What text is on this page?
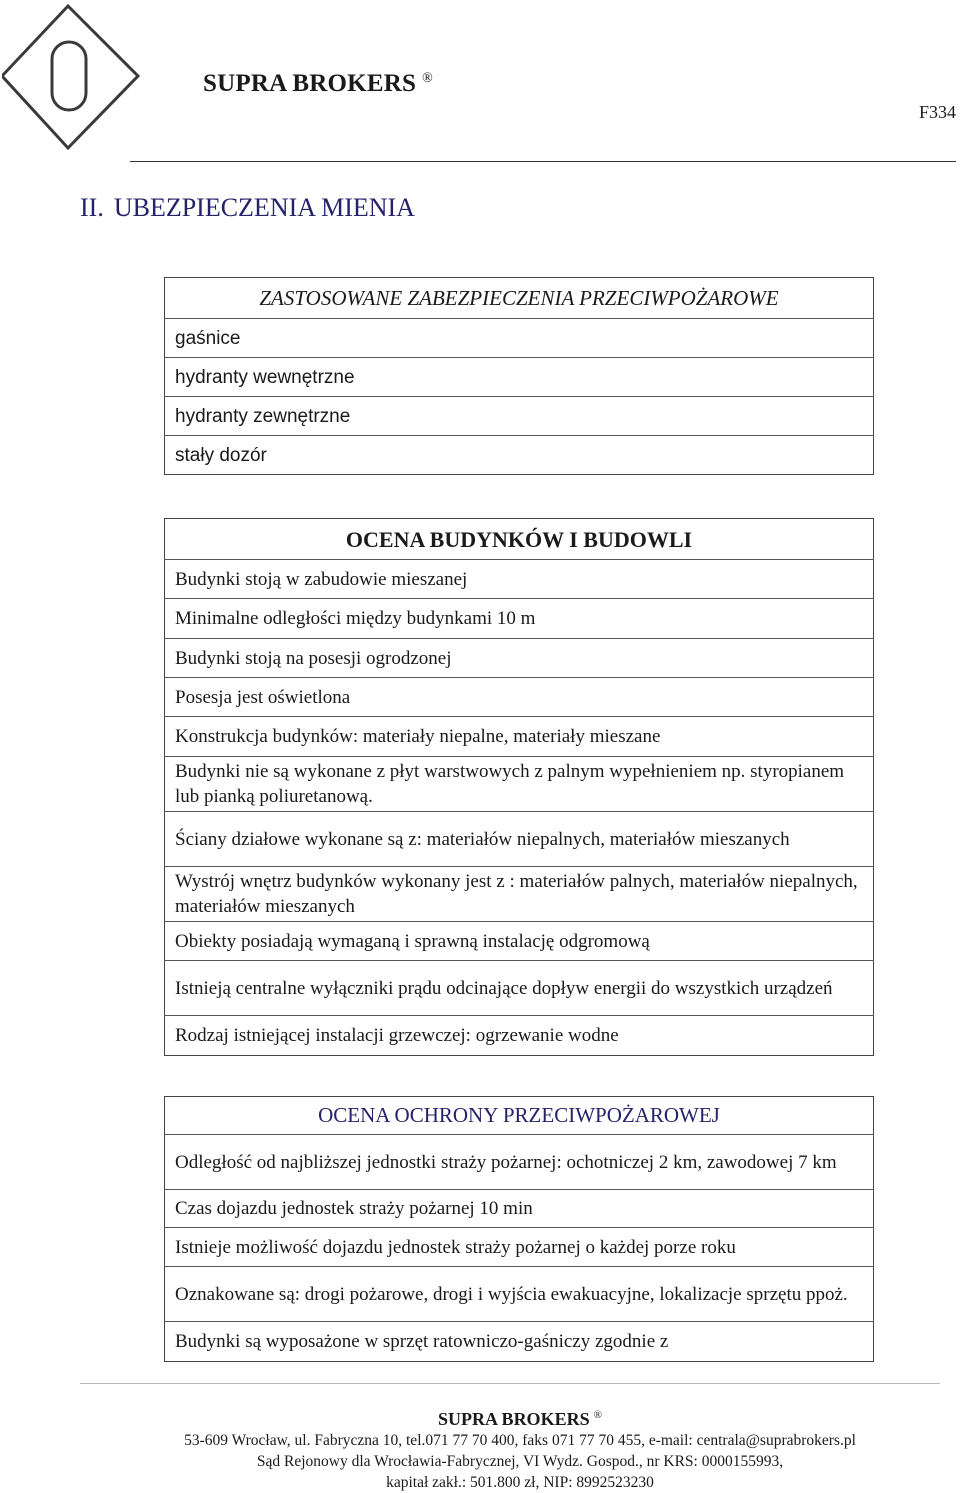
SUPRA BROKERS ®
F334
II. UBEZPIECZENIA MIENIA
ZASTOSOWANE ZABEZPIECZENIA PRZECIWPOŻAROWE
gaśnice
hydranty wewnętrzne
hydranty zewnętrzne
stały dozór
OCENA BUDYNKÓW I BUDOWLI
Budynki stoją w zabudowie mieszanej
Minimalne odległości między budynkami 10 m
Budynki stoją na posesji ogrodzonej
Posesja jest oświetlona
Konstrukcja budynków: materiały niepalne, materiały mieszane
Budynki nie są wykonane z płyt warstwowych z palnym wypełnieniem np. styropianem lub pianką poliuretanową.
Ściany działowe wykonane są z: materiałów niepalnych, materiałów mieszanych
Wystrój wnętrz budynków wykonany jest z : materiałów palnych, materiałów niepalnych, materiałów mieszanych
Obiekty posiadają wymaganą i sprawną instalację odgromową
Istnieją centralne wyłączniki prądu odcinające dopływ energii do wszystkich urządzeń
Rodzaj istniejącej instalacji grzewczej: ogrzewanie wodne
OCENA OCHRONY PRZECIWPOŻAROWEJ
Odległość od najbliższej jednostki straży pożarnej: ochotniczej 2 km, zawodowej 7 km
Czas dojazdu jednostek straży pożarnej 10 min
Istnieje możliwość dojazdu jednostek straży pożarnej o każdej porze roku
Oznakowane są: drogi pożarowe, drogi i wyjścia ewakuacyjne, lokalizacje sprzętu ppoż.
Budynki są wyposażone w sprzęt ratowniczo-gaśniczy zgodnie z
SUPRA BROKERS ®
53-609 Wrocław, ul. Fabryczna 10, tel.071 77 70 400, faks 071 77 70 455, e-mail: centrala@suprabrokers.pl
Sąd Rejonowy dla Wrocławia-Fabrycznej, VI Wydz. Gospod., nr KRS: 0000155993,
kapitał zakł.: 501.800 zł, NIP: 8992523230
